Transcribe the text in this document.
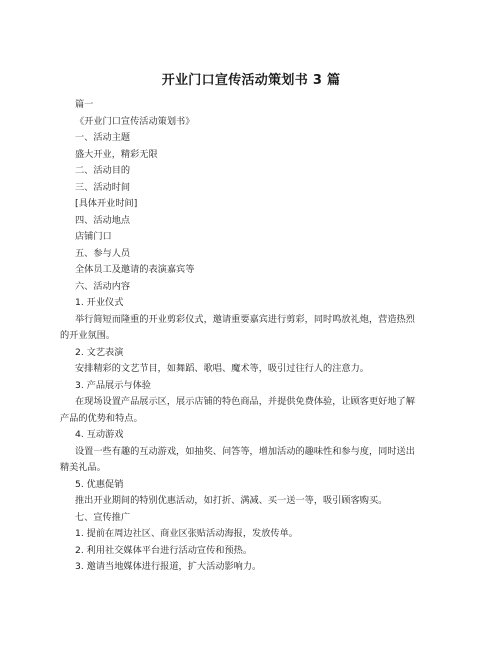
开业门口宣传活动策划书 3 篇
篇一
《开业门口宣传活动策划书》
一、活动主题
盛大开业，精彩无限
二、活动目的
三、活动时间
[具体开业时间]
四、活动地点
店铺门口
五、参与人员
全体员工及邀请的表演嘉宾等
六、活动内容
1. 开业仪式
举行简短而隆重的开业剪彩仪式，邀请重要嘉宾进行剪彩，同时鸣放礼炮，营造热烈
的开业氛围。
2. 文艺表演
安排精彩的文艺节目，如舞蹈、歌唱、魔术等，吸引过往行人的注意力。
3. 产品展示与体验
在现场设置产品展示区，展示店铺的特色商品，并提供免费体验，让顾客更好地了解
产品的优势和特点。
4. 互动游戏
设置一些有趣的互动游戏，如抽奖、问答等，增加活动的趣味性和参与度，同时送出
精美礼品。
5. 优惠促销
推出开业期间的特别优惠活动，如打折、满减、买一送一等，吸引顾客购买。
七、宣传推广
1. 提前在周边社区、商业区张贴活动海报，发放传单。
2. 利用社交媒体平台进行活动宣传和预热。
3. 邀请当地媒体进行报道，扩大活动影响力。
